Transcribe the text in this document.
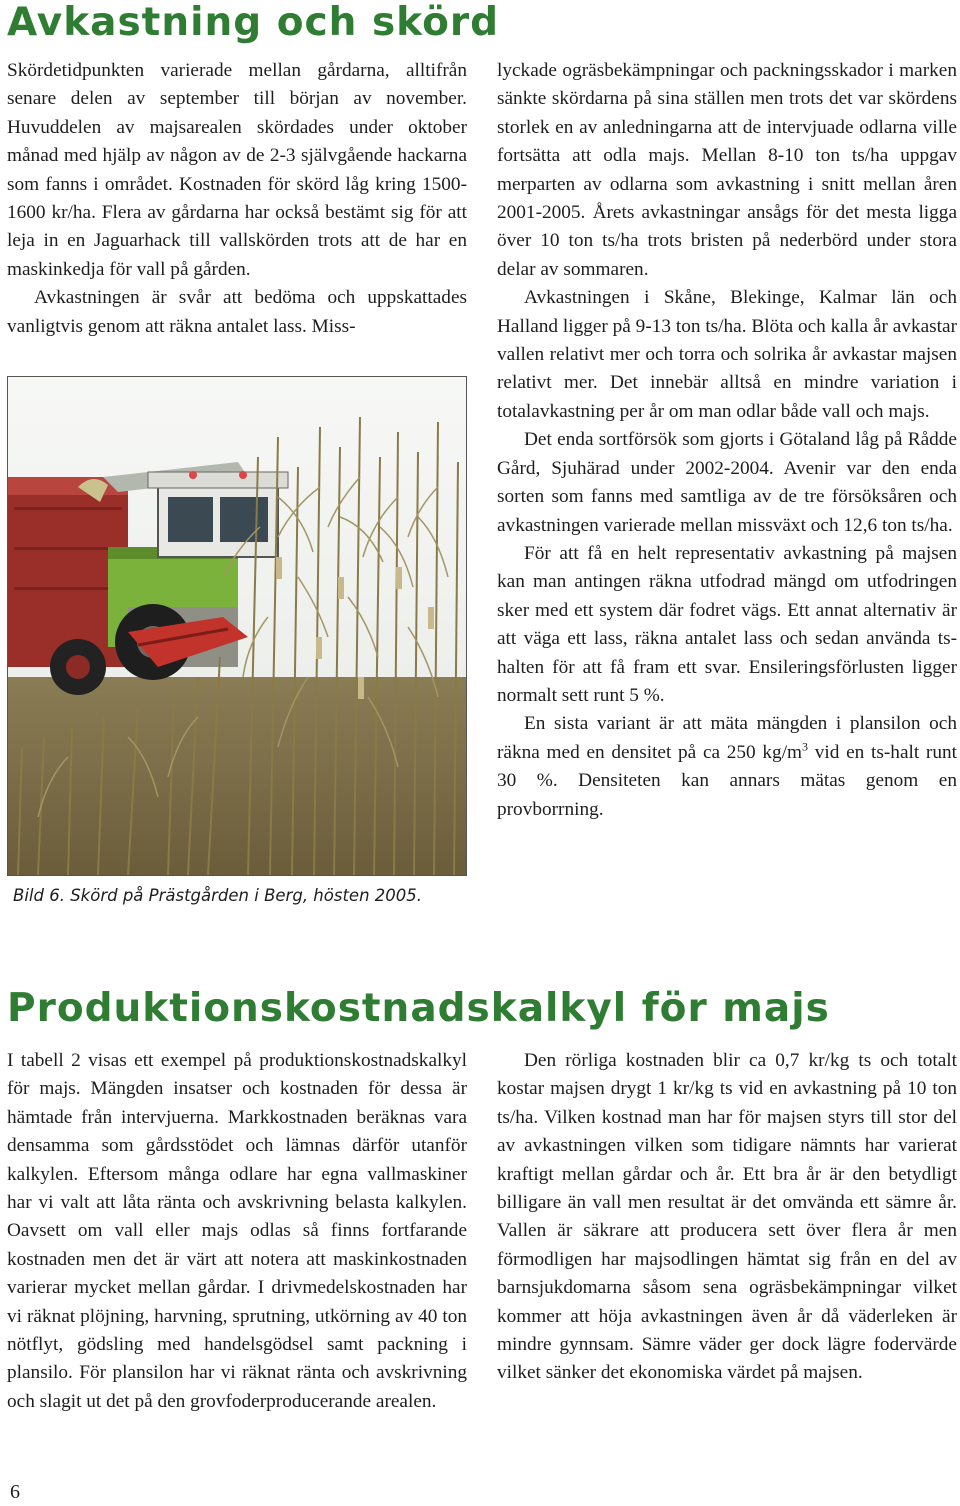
Avkastning och skörd

Skördetidpunkten varierade mellan gårdarna, alltifrån senare delen av september till början av november. Huvuddelen av majsarealen skördades under oktober månad med hjälp av någon av de 2-3 självgående hackarna som fanns i området. Kostnaden för skörd låg kring 1500-1600 kr/ha. Flera av gårdarna har också bestämt sig för att leja in en Jaguarhack till vallskörden trots att de har en maskinkedja för vall på gården.

Avkastningen är svår att bedöma och uppskattades vanligtvis genom att räkna antalet lass. Miss-

Bild 6. Skörd på Prästgården i Berg, hösten 2005.

lyckade ogräsbekämpningar och packningsskador i marken sänkte skördarna på sina ställen men trots det var skördens storlek en av anledningarna att de intervjuade odlarna ville fortsätta att odla majs. Mellan 8-10 ton ts/ha uppgav merparten av odlarna som avkastning i snitt mellan åren 2001-2005. Årets avkastningar ansågs för det mesta ligga över 10 ton ts/ha trots bristen på nederbörd under stora delar av sommaren.

Avkastningen i Skåne, Blekinge, Kalmar län och Halland ligger på 9-13 ton ts/ha. Blöta och kalla år avkastar vallen relativt mer och torra och solrika år avkastar majsen relativt mer. Det innebär alltså en mindre variation i totalavkastning per år om man odlar både vall och majs.

Det enda sortförsök som gjorts i Götaland låg på Rådde Gård, Sjuhärad under 2002-2004. Avenir var den enda sorten som fanns med samtliga av de tre försöksåren och avkastningen varierade mellan missväxt och 12,6 ton ts/ha.

För att få en helt representativ avkastning på majsen kan man antingen räkna utfodrad mängd om utfodringen sker med ett system där fodret vägs. Ett annat alternativ är att väga ett lass, räkna antalet lass och sedan använda ts-halten för att få fram ett svar. Ensileringsförlusten ligger normalt sett runt 5 %.

En sista variant är att mäta mängden i plansilon och räkna med en densitet på ca 250 $kg/m^3$ vid en ts-halt runt 30 %. Densiteten kan annars mätas genom en provborrning.

Produktionskostnadskalkyl för majs

I tabell 2 visas ett exempel på produktionskostnadskalkyl för majs. Mängden insatser och kostnaden för dessa är hämtade från intervjuerna. Markkostnaden beräknas vara densamma som gårdsstödet och lämnas därför utanför kalkylen. Eftersom många odlare har egna vallmaskiner har vi valt att låta ränta och avskrivning belasta kalkylen. Oavsett om vall eller majs odlas så finns fortfarande kostnaden men det är värt att notera att maskinkostnaden varierar mycket mellan gårdar. I drivmedelskostnaden har vi räknat plöjning, harvning, sprutning, utkörning av 40 ton nötflyt, gödsling med handelsgödsel samt packning i plansilo. För plansilon har vi räknat ränta och avskrivning och slagit ut det på den grovfoderproducerande arealen.

Den rörliga kostnaden blir ca 0,7 kr/kg ts och totalt kostar majsen drygt 1 kr/kg ts vid en avkastning på 10 ton ts/ha. Vilken kostnad man har för majsen styrs till stor del av avkastningen vilken som tidigare nämnts har varierat kraftigt mellan gårdar och år. Ett bra år är den betydligt billigare än vall men resultat är det omvända ett sämre år. Vallen är säkrare att producera sett över flera år men förmodligen har majsodlingen hämtat sig från en del av barnsjukdomarna såsom sena ogräsbekämpningar vilket kommer att höja avkastningen även år då väderleken är mindre gynnsam. Sämre väder ger dock lägre fodervärde vilket sänker det ekonomiska värdet på majsen.

6
